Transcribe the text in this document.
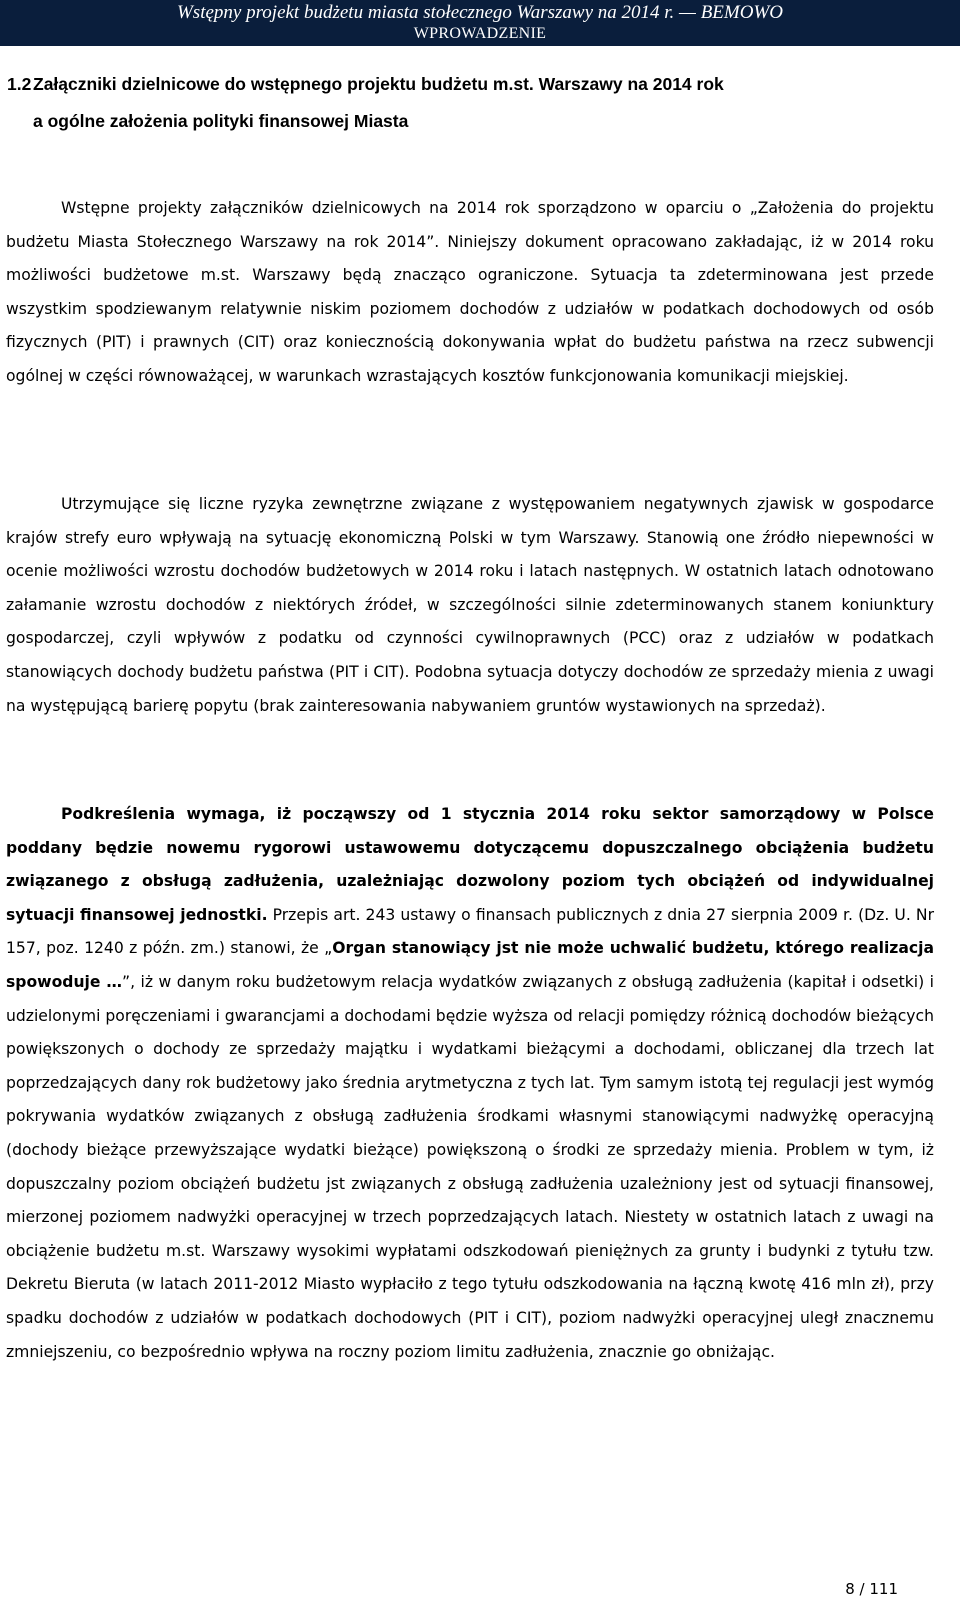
Wstępny projekt budżetu miasta stołecznego Warszawy na 2014 r. — BEMOWO
WPROWADZENIE
1.2Załączniki dzielnicowe do wstępnego projektu budżetu m.st. Warszawy na 2014 rok
a ogólne założenia polityki finansowej Miasta

Wstępne projekty załączników dzielnicowych na 2014 rok sporządzono w oparciu o „Założenia do projektu budżetu Miasta Stołecznego Warszawy na rok 2014”. Niniejszy dokument opracowano zakładając, iż w 2014 roku możliwości budżetowe m.st. Warszawy będą znacząco ograniczone. Sytuacja ta zdeterminowana jest przede wszystkim spodziewanym relatywnie niskim poziomem dochodów z udziałów w podatkach dochodowych od osób fizycznych (PIT) i prawnych (CIT) oraz koniecznością dokonywania wpłat do budżetu państwa na rzecz subwencji ogólnej w części równoważącej, w warunkach wzrastających kosztów funkcjonowania komunikacji miejskiej.

Utrzymujące się liczne ryzyka zewnętrzne związane z występowaniem negatywnych zjawisk w gospodarce krajów strefy euro wpływają na sytuację ekonomiczną Polski w tym Warszawy. Stanowią one źródło niepewności w ocenie możliwości wzrostu dochodów budżetowych w 2014 roku i latach następnych. W ostatnich latach odnotowano załamanie wzrostu dochodów z niektórych źródeł, w szczególności silnie zdeterminowanych stanem koniunktury gospodarczej, czyli wpływów z podatku od czynności cywilnoprawnych (PCC) oraz z udziałów w podatkach stanowiących dochody budżetu państwa (PIT i CIT). Podobna sytuacja dotyczy dochodów ze sprzedaży mienia z uwagi na występującą barierę popytu (brak zainteresowania nabywaniem gruntów wystawionych na sprzedaż).

Podkreślenia wymaga, iż począwszy od 1 stycznia 2014 roku sektor samorządowy w Polsce poddany będzie nowemu rygorowi ustawowemu dotyczącemu dopuszczalnego obciążenia budżetu związanego z obsługą zadłużenia, uzależniając dozwolony poziom tych obciążeń od indywidualnej sytuacji finansowej jednostki. Przepis art. 243 ustawy o finansach publicznych z dnia 27 sierpnia 2009 r. (Dz. U. Nr 157, poz. 1240 z późn. zm.) stanowi, że „Organ stanowiący jst nie może uchwalić budżetu, którego realizacja spowoduje …”, iż w danym roku budżetowym relacja wydatków związanych z obsługą zadłużenia (kapitał i odsetki) i udzielonymi poręczeniami i gwarancjami a dochodami będzie wyższa od relacji pomiędzy różnicą dochodów bieżących powiększonych o dochody ze sprzedaży majątku i wydatkami bieżącymi a dochodami, obliczanej dla trzech lat poprzedzających dany rok budżetowy jako średnia arytmetyczna z tych lat. Tym samym istotą tej regulacji jest wymóg pokrywania wydatków związanych z obsługą zadłużenia środkami własnymi stanowiącymi nadwyżkę operacyjną (dochody bieżące przewyższające wydatki bieżące) powiększoną o środki ze sprzedaży mienia. Problem w tym, iż dopuszczalny poziom obciążeń budżetu jst związanych z obsługą zadłużenia uzależniony jest od sytuacji finansowej, mierzonej poziomem nadwyżki operacyjnej w trzech poprzedzających latach. Niestety w ostatnich latach z uwagi na obciążenie budżetu m.st. Warszawy wysokimi wypłatami odszkodowań pieniężnych za grunty i budynki z tytułu tzw. Dekretu Bieruta (w latach 2011-2012 Miasto wypłaciło z tego tytułu odszkodowania na łączną kwotę 416 mln zł), przy spadku dochodów z udziałów w podatkach dochodowych (PIT i CIT), poziom nadwyżki operacyjnej uległ znacznemu zmniejszeniu, co bezpośrednio wpływa na roczny poziom limitu zadłużenia, znacznie go obniżając.

8 / 111
